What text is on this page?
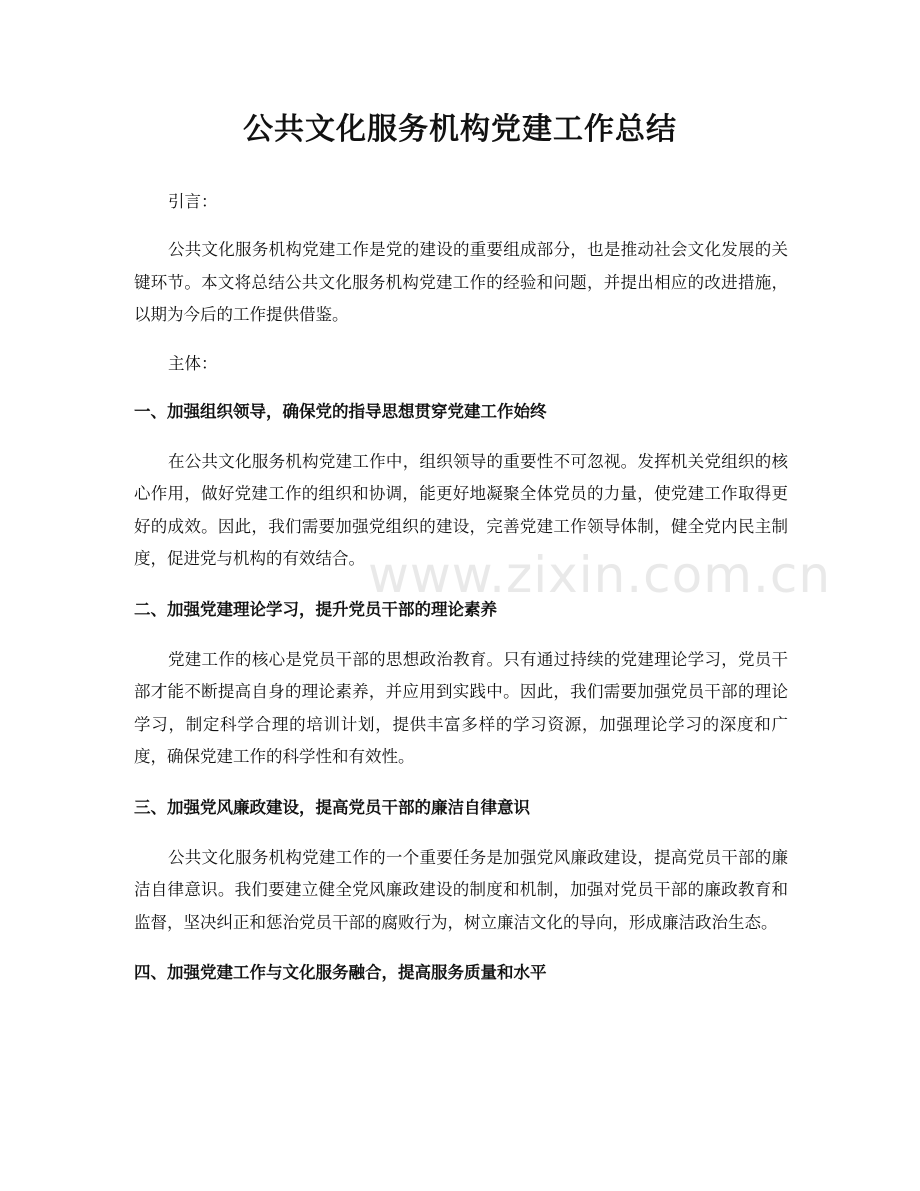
公共文化服务机构党建工作总结

引言：

公共文化服务机构党建工作是党的建设的重要组成部分，也是推动社会文化发展的关键环节。本文将总结公共文化服务机构党建工作的经验和问题，并提出相应的改进措施，以期为今后的工作提供借鉴。

主体：

一、加强组织领导，确保党的指导思想贯穿党建工作始终

在公共文化服务机构党建工作中，组织领导的重要性不可忽视。发挥机关党组织的核心作用，做好党建工作的组织和协调，能更好地凝聚全体党员的力量，使党建工作取得更好的成效。因此，我们需要加强党组织的建设，完善党建工作领导体制，健全党内民主制度，促进党与机构的有效结合。

二、加强党建理论学习，提升党员干部的理论素养

党建工作的核心是党员干部的思想政治教育。只有通过持续的党建理论学习，党员干部才能不断提高自身的理论素养，并应用到实践中。因此，我们需要加强党员干部的理论学习，制定科学合理的培训计划，提供丰富多样的学习资源，加强理论学习的深度和广度，确保党建工作的科学性和有效性。

三、加强党风廉政建设，提高党员干部的廉洁自律意识

公共文化服务机构党建工作的一个重要任务是加强党风廉政建设，提高党员干部的廉洁自律意识。我们要建立健全党风廉政建设的制度和机制，加强对党员干部的廉政教育和监督，坚决纠正和惩治党员干部的腐败行为，树立廉洁文化的导向，形成廉洁政治生态。

四、加强党建工作与文化服务融合，提高服务质量和水平

www.zixin.com.cn
